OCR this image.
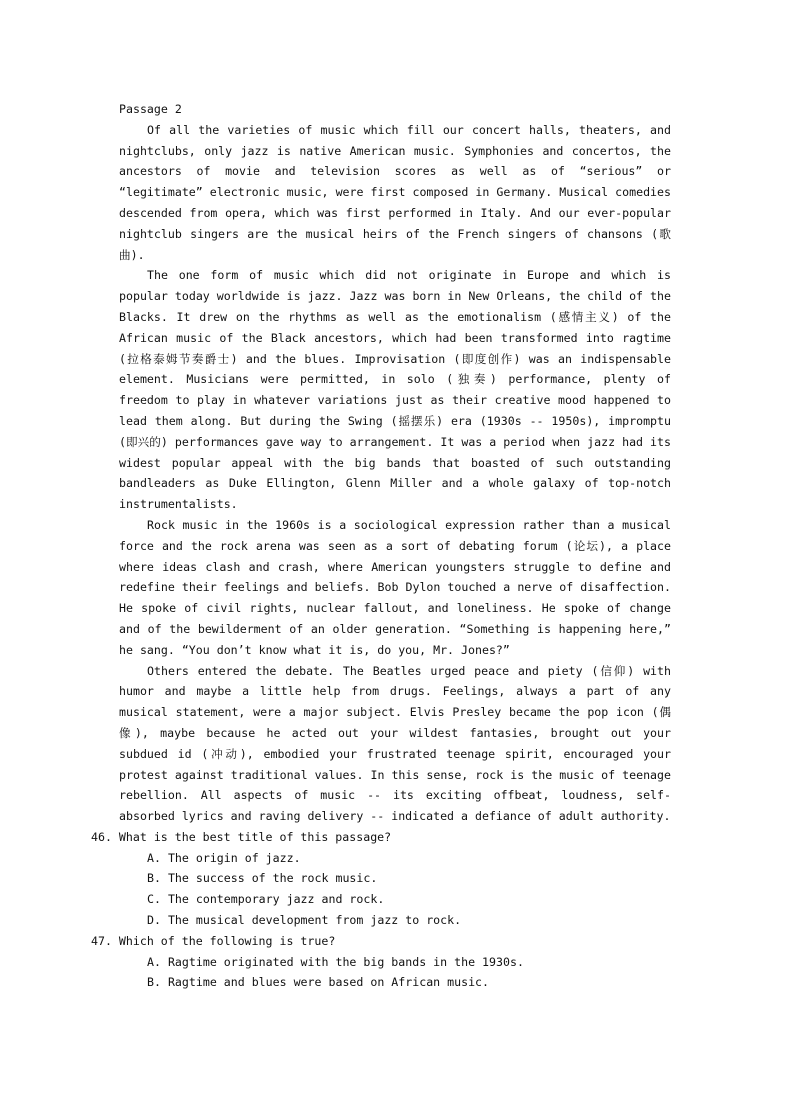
Passage 2

Of all the varieties of music which fill our concert halls, theaters, and nightclubs, only jazz is native American music. Symphonies and concertos, the ancestors of movie and television scores as well as of “serious” or “legitimate” electronic music, were first composed in Germany. Musical comedies descended from opera, which was first performed in Italy. And our ever-popular nightclub singers are the musical heirs of the French singers of chansons (歌曲).

The one form of music which did not originate in Europe and which is popular today worldwide is jazz. Jazz was born in New Orleans, the child of the Blacks. It drew on the rhythms as well as the emotionalism (感情主义) of the African music of the Black ancestors, which had been transformed into ragtime (拉格泰姆节奏爵士) and the blues. Improvisation (即度创作) was an indispensable element. Musicians were permitted, in solo (独奏) performance, plenty of freedom to play in whatever variations just as their creative mood happened to lead them along. But during the Swing (摇摆乐) era (1930s -- 1950s), impromptu (即兴的) performances gave way to arrangement. It was a period when jazz had its widest popular appeal with the big bands that boasted of such outstanding bandleaders as Duke Ellington, Glenn Miller and a whole galaxy of top-notch instrumentalists.

Rock music in the 1960s is a sociological expression rather than a musical force and the rock arena was seen as a sort of debating forum (论坛), a place where ideas clash and crash, where American youngsters struggle to define and redefine their feelings and beliefs. Bob Dylon touched a nerve of disaffection. He spoke of civil rights, nuclear fallout, and loneliness. He spoke of change and of the bewilderment of an older generation. “Something is happening here,” he sang. “You don’t know what it is, do you, Mr. Jones?”

Others entered the debate. The Beatles urged peace and piety (信仰) with humor and maybe a little help from drugs. Feelings, always a part of any musical statement, were a major subject. Elvis Presley became the pop icon (偶像), maybe because he acted out your wildest fantasies, brought out your subdued id (冲动), embodied your frustrated teenage spirit, encouraged your protest against traditional values. In this sense, rock is the music of teenage rebellion. All aspects of music -- its exciting offbeat, loudness, self-absorbed lyrics and raving delivery -- indicated a defiance of adult authority.

46. What is the best title of this passage?

A. The origin of jazz.

B. The success of the rock music.

C. The contemporary jazz and rock.

D. The musical development from jazz to rock.

47. Which of the following is true?

A. Ragtime originated with the big bands in the 1930s.

B. Ragtime and blues were based on African music.
